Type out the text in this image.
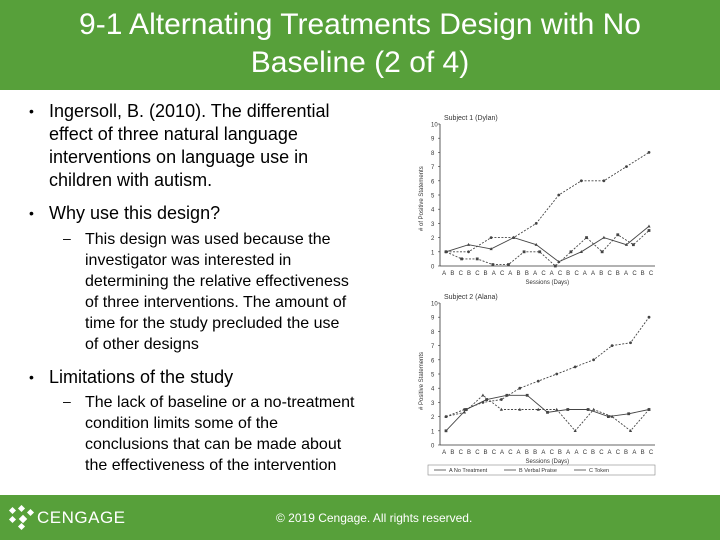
9-1 Alternating Treatments Design with No
Baseline (2 of 4)
• Ingersoll, B. (2010). The differential
effect of three natural language
interventions on language use in
children with autism.
• Why use this design?
– This design was used because the
investigator was interested in
determining the relative effectiveness
of three interventions. The amount of
time for the study precluded the use
of other designs
• Limitations of the study
– The lack of baseline or a no-treatment
condition limits some of the
conclusions that can be made about
the effectiveness of the intervention
Subject 1 (Dylan)
0
1
2
3
4
5
6
7
8
9
10
# of Positive Statements
A B C B C B A C A B B A C A C B C A A B C B A C B C
Sessions (Days)
Subject 2 (Alana)
0
1
2
3
4
5
6
7
8
9
10
# Positive Statements
A B C B C B C A C A B B A C B A A C B C A C B A B C
Sessions (Days)
A No Treatment	B Verbal Praise	C Token
CENGAGE	© 2019 Cengage. All rights reserved.
